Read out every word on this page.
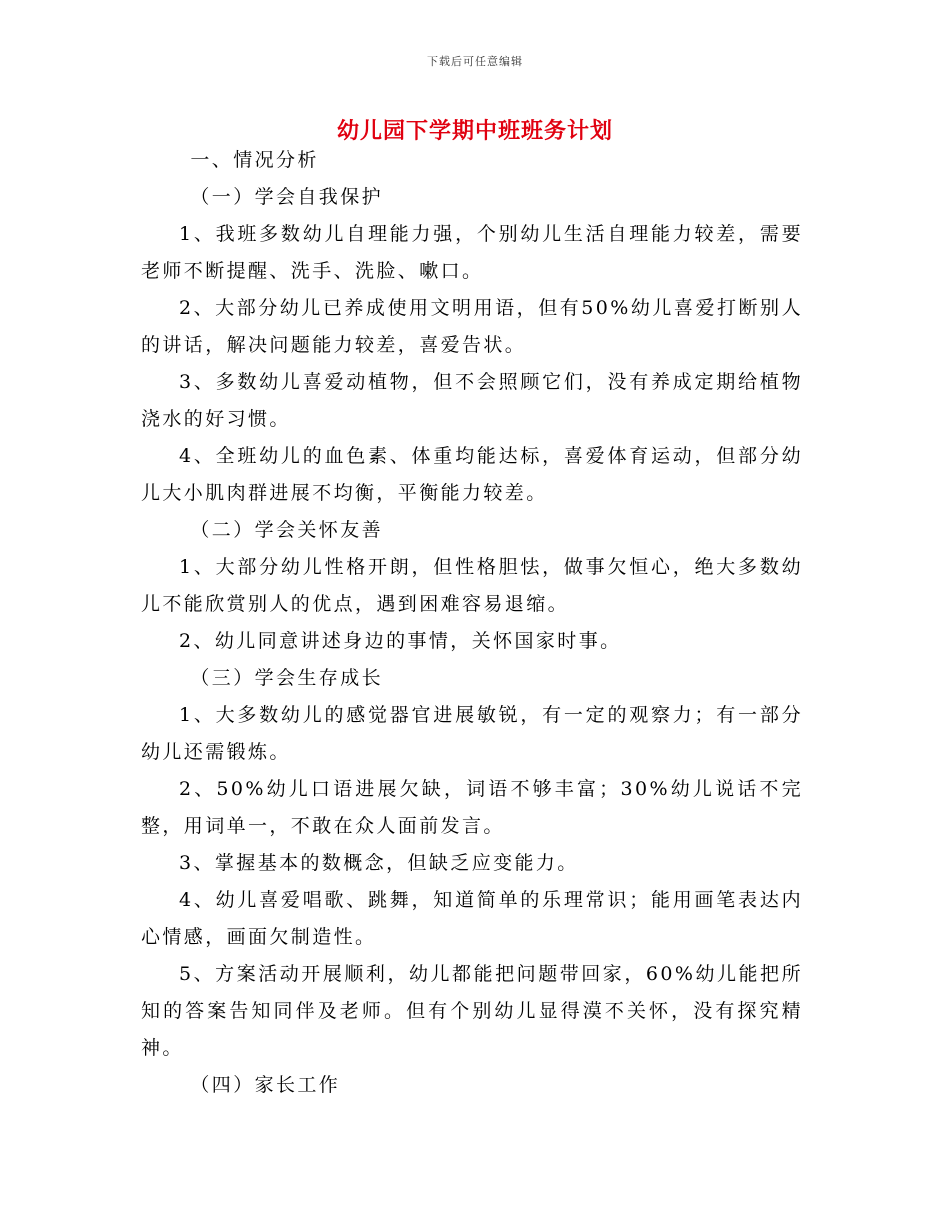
下载后可任意编辑
幼儿园下学期中班班务计划

一、情况分析

（一）学会自我保护

1、我班多数幼儿自理能力强，个别幼儿生活自理能力较差，需要老师不断提醒、洗手、洗脸、嗽口。

2、大部分幼儿已养成使用文明用语，但有50%幼儿喜爱打断别人的讲话，解决问题能力较差，喜爱告状。

3、多数幼儿喜爱动植物，但不会照顾它们，没有养成定期给植物浇水的好习惯。

4、全班幼儿的血色素、体重均能达标，喜爱体育运动，但部分幼儿大小肌肉群进展不均衡，平衡能力较差。

（二）学会关怀友善

1、大部分幼儿性格开朗，但性格胆怯，做事欠恒心，绝大多数幼儿不能欣赏别人的优点，遇到困难容易退缩。

2、幼儿同意讲述身边的事情，关怀国家时事。

（三）学会生存成长

1、大多数幼儿的感觉器官进展敏锐，有一定的观察力；有一部分幼儿还需锻炼。

2、50%幼儿口语进展欠缺，词语不够丰富；30%幼儿说话不完整，用词单一，不敢在众人面前发言。

3、掌握基本的数概念，但缺乏应变能力。

4、幼儿喜爱唱歌、跳舞，知道简单的乐理常识；能用画笔表达内心情感，画面欠制造性。

5、方案活动开展顺利，幼儿都能把问题带回家，60%幼儿能把所知的答案告知同伴及老师。但有个别幼儿显得漠不关怀，没有探究精神。

（四）家长工作
